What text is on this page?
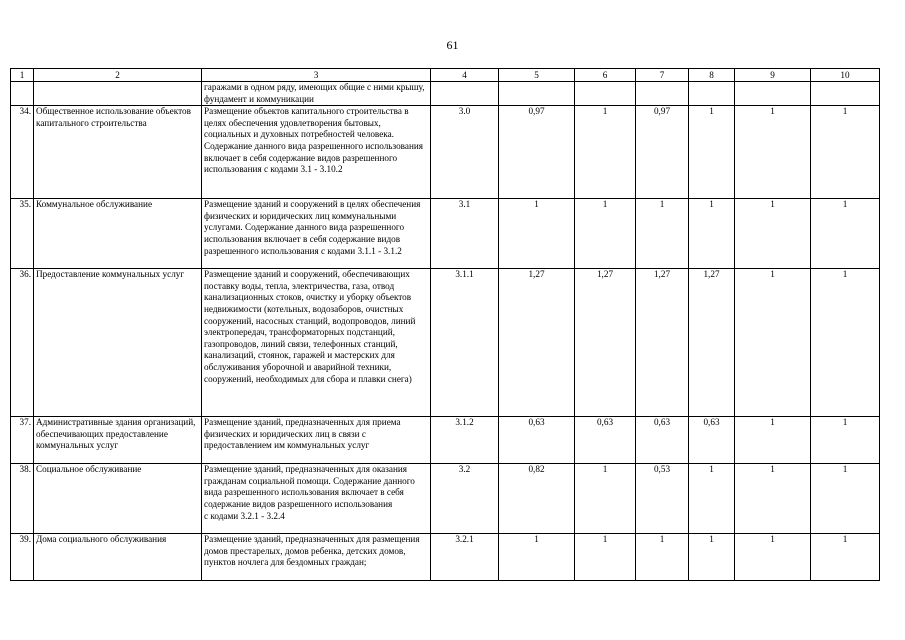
61
1	2	3	4	5	6	7	8	9	10
		гаражами в одном ряду, имеющих общие с ними крышу, фундамент и коммуникации							
34.	Общественное использование объектов капитального строительства	Размещение объектов капитального строительства в целях обеспечения удовлетворения бытовых, социальных и духовных потребностей человека. Содержание данного вида разрешенного использования включает в себя содержание видов разрешенного использования с кодами 3.1 - 3.10.2	3.0	0,97	1	0,97	1	1	1
35.	Коммунальное обслуживание	Размещение зданий и сооружений в целях обеспечения физических и юридических лиц коммунальными услугами. Содержание данного вида разрешенного использования включает в себя содержание видов разрешенного использования с кодами 3.1.1 - 3.1.2	3.1	1	1	1	1	1	1
36.	Предоставление коммунальных услуг	Размещение зданий и сооружений, обеспечивающих поставку воды, тепла, электричества, газа, отвод канализационных стоков, очистку и уборку объектов недвижимости (котельных, водозаборов, очистных сооружений, насосных станций, водопроводов, линий электропередач, трансформаторных подстанций, газопроводов, линий связи, телефонных станций, канализаций, стоянок, гаражей и мастерских для обслуживания уборочной и аварийной техники, сооружений, необходимых для сбора и плавки снега)	3.1.1	1,27	1,27	1,27	1,27	1	1
37.	Административные здания организаций, обеспечивающих предоставление коммунальных услуг	Размещение зданий, предназначенных для приема физических и юридических лиц в связи с предоставлением им коммунальных услуг	3.1.2	0,63	0,63	0,63	0,63	1	1
38.	Социальное обслуживание	Размещение зданий, предназначенных для оказания гражданам социальной помощи. Содержание данного вида разрешенного использования включает в себя содержание видов разрешенного использования
с кодами 3.2.1 - 3.2.4	3.2	0,82	1	0,53	1	1	1
39.	Дома социального обслуживания	Размещение зданий, предназначенных для размещения домов престарелых, домов ребенка, детских домов, пунктов ночлега для бездомных граждан;	3.2.1	1	1	1	1	1	1
